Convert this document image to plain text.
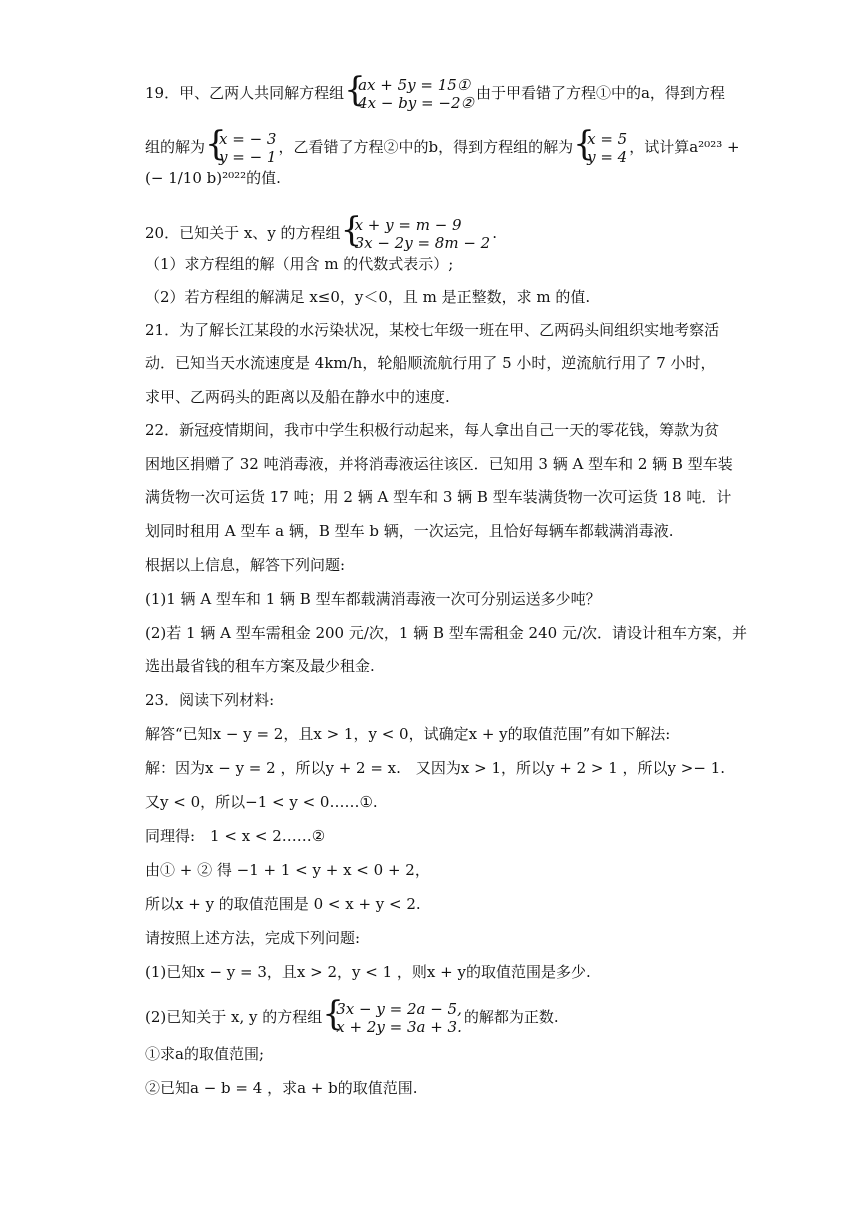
19．甲、乙两人共同解方程组 { ax + 5y = 15①
4x − by = −2②
由于甲看错了方程①中的a，得到方程
组的解为 { x = − 3
y = − 1
，乙看错了方程②中的b，得到方程组的解为 { x = 5
y = 4
，试计算a²⁰²³ +
(− 1/10 b)²⁰²²的值.
20．已知关于 x、y 的方程组 { x + y = m − 9
3x − 2y = 8m − 2
.
（1）求方程组的解（用含 m 的代数式表示）;
（2）若方程组的解满足 x≤0，y＜0，且 m 是正整数，求 m 的值.
21．为了解长江某段的水污染状况，某校七年级一班在甲、乙两码头间组织实地考察活
动．已知当天水流速度是 4km/h，轮船顺流航行用了 5 小时，逆流航行用了 7 小时，
求甲、乙两码头的距离以及船在静水中的速度.
22．新冠疫情期间，我市中学生积极行动起来，每人拿出自己一天的零花钱，筹款为贫
困地区捐赠了 32 吨消毒液，并将消毒液运往该区．已知用 3 辆 A 型车和 2 辆 B 型车装
满货物一次可运货 17 吨；用 2 辆 A 型车和 3 辆 B 型车装满货物一次可运货 18 吨．计
划同时租用 A 型车 a 辆，B 型车 b 辆，一次运完，且恰好每辆车都载满消毒液.
根据以上信息，解答下列问题:
(1)1 辆 A 型车和 1 辆 B 型车都载满消毒液一次可分别运送多少吨？
(2)若 1 辆 A 型车需租金 200 元/次，1 辆 B 型车需租金 240 元/次．请设计租车方案，并
选出最省钱的租车方案及最少租金.
23．阅读下列材料:
解答“已知x − y = 2，且x > 1，y < 0，试确定x + y的取值范围”有如下解法:
解：因为x − y = 2 ，所以y + 2 = x.　又因为x > 1，所以y + 2 > 1 ，所以y >− 1.
又y < 0，所以−1 < y < 0……①.
同理得:　1 < x < 2……②
由① + ② 得 −1 + 1 < y + x < 0 + 2，
所以x + y 的取值范围是 0 < x + y < 2.
请按照上述方法，完成下列问题:
(1)已知x − y = 3，且x > 2，y < 1 ，则x + y的取值范围是多少.
(2)已知关于 x, y 的方程组 { 3x − y = 2a − 5,
x + 2y = 3a + 3.
的解都为正数.
①求a的取值范围;
②已知a − b = 4 ，求a + b的取值范围.
